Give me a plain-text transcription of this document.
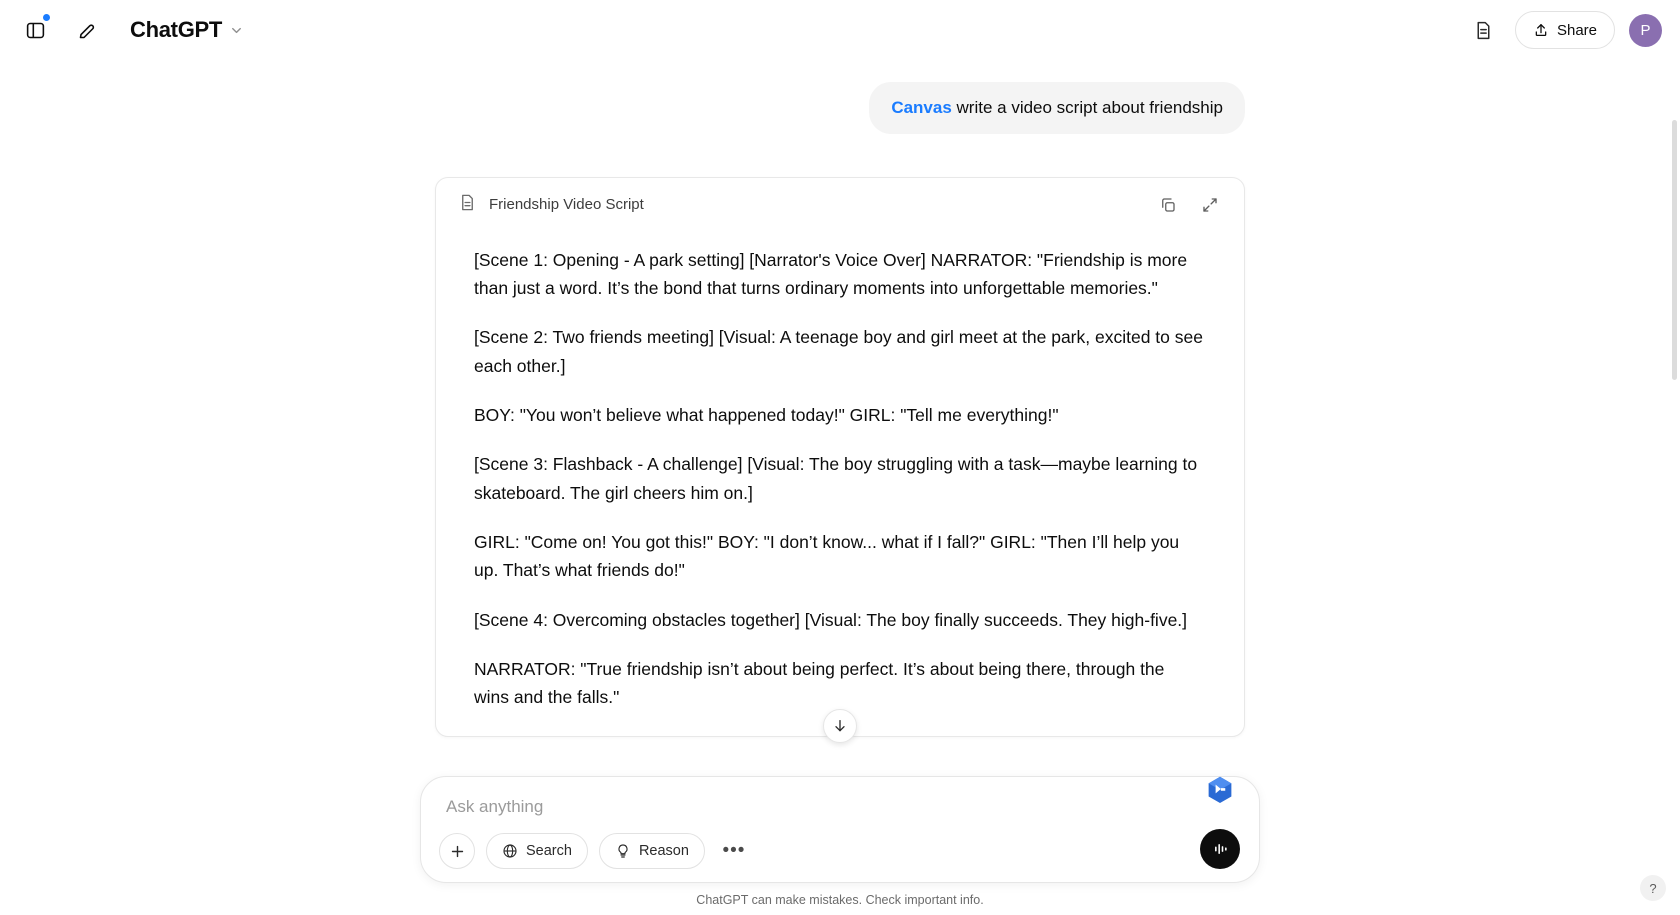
ChatGPT	Share	P
Canvas write a video script about friendship
Friendship Video Script

[Scene 1: Opening - A park setting] [Narrator's Voice Over] NARRATOR: "Friendship is more than just a word. It’s the bond that turns ordinary moments into unforgettable memories."

[Scene 2: Two friends meeting] [Visual: A teenage boy and girl meet at the park, excited to see each other.]

BOY: "You won’t believe what happened today!" GIRL: "Tell me everything!"

[Scene 3: Flashback - A challenge] [Visual: The boy struggling with a task—maybe learning to skateboard. The girl cheers him on.]

GIRL: "Come on! You got this!" BOY: "I don’t know... what if I fall?" GIRL: "Then I’ll help you up. That’s what friends do!"

[Scene 4: Overcoming obstacles together] [Visual: The boy finally succeeds. They high-five.]

NARRATOR: "True friendship isn’t about being perfect. It’s about being there, through the wins and the falls."

Ask anything
Search	Reason •••
ChatGPT can make mistakes. Check important info.
?
